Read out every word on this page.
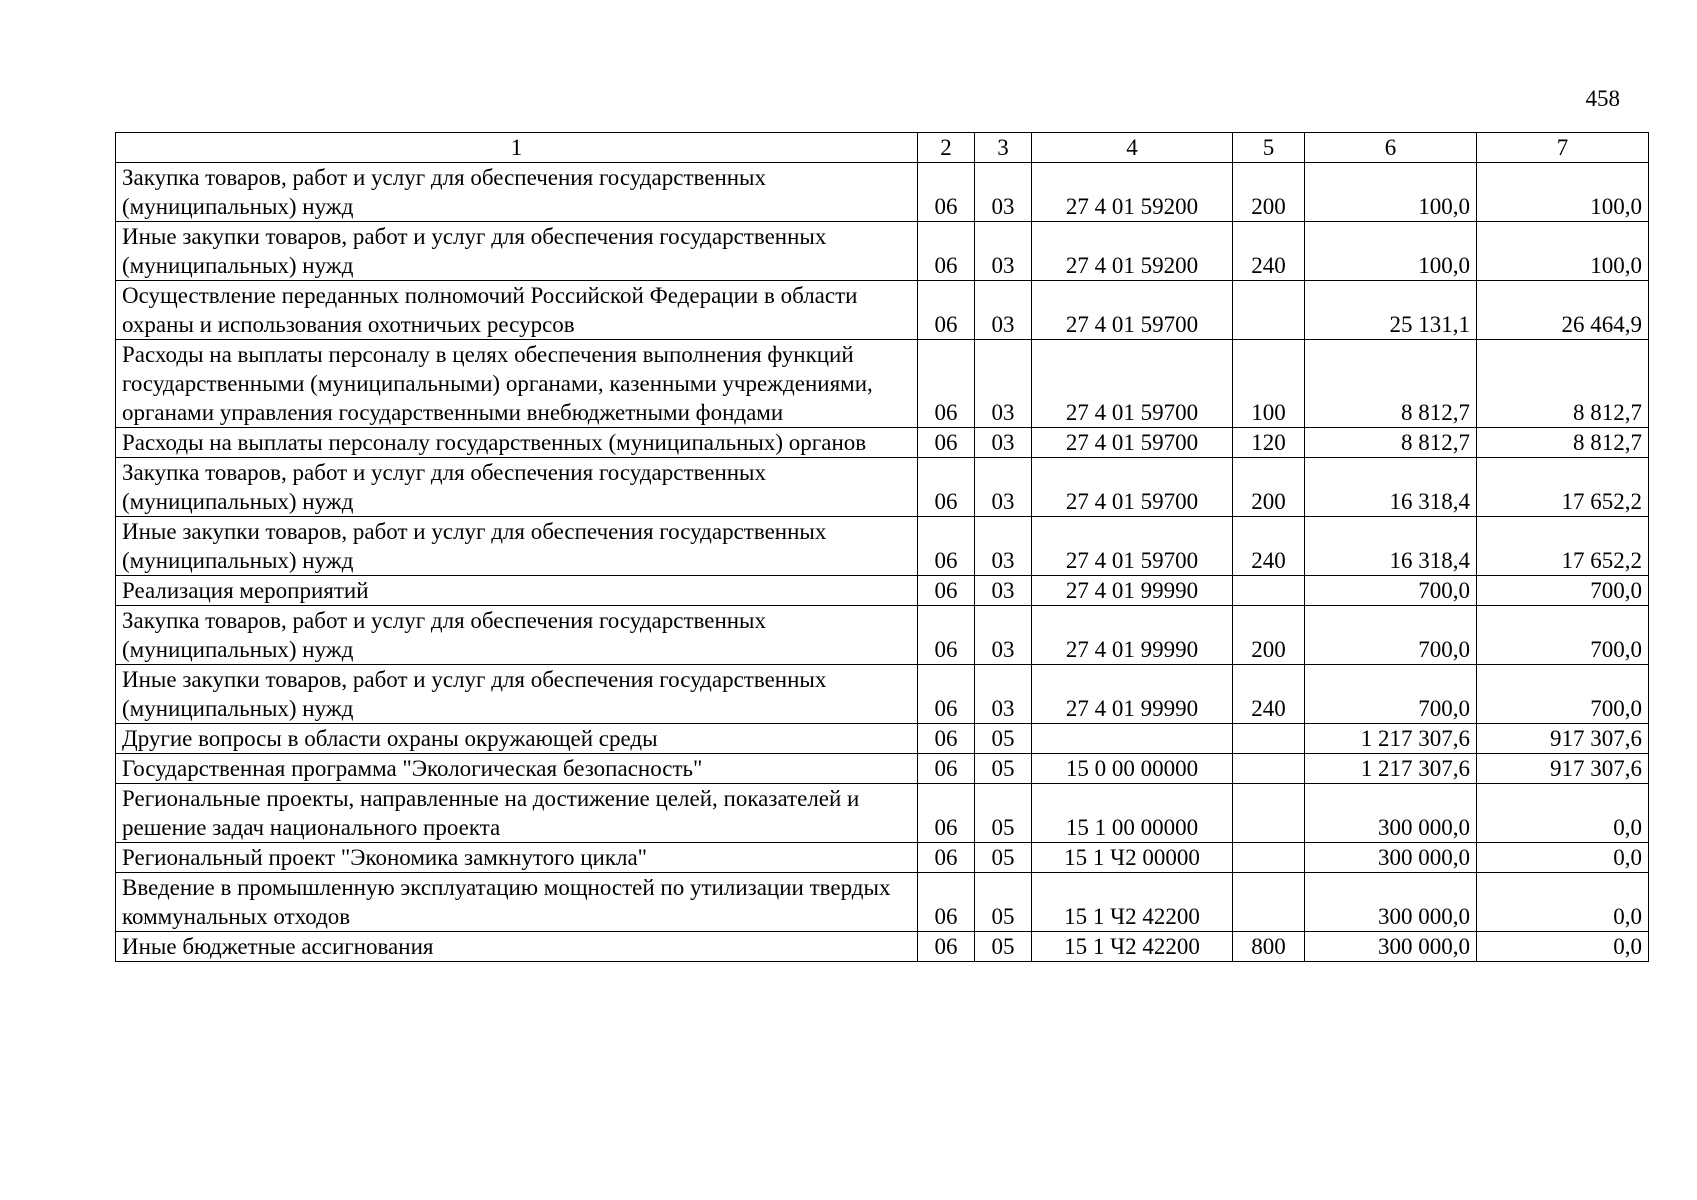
458
1	2	3	4	5	6	7
Закупка товаров, работ и услуг для обеспечения государственных (муниципальных) нужд	06	03	27 4 01 59200	200	100,0	100,0
Иные закупки товаров, работ и услуг для обеспечения государственных (муниципальных) нужд	06	03	27 4 01 59200	240	100,0	100,0
Осуществление переданных полномочий Российской Федерации в области охраны и использования охотничьих ресурсов	06	03	27 4 01 59700		25 131,1	26 464,9
Расходы на выплаты персоналу в целях обеспечения выполнения функций государственными (муниципальными) органами, казенными учреждениями, органами управления государственными внебюджетными фондами	06	03	27 4 01 59700	100	8 812,7	8 812,7
Расходы на выплаты персоналу государственных (муниципальных) органов	06	03	27 4 01 59700	120	8 812,7	8 812,7
Закупка товаров, работ и услуг для обеспечения государственных (муниципальных) нужд	06	03	27 4 01 59700	200	16 318,4	17 652,2
Иные закупки товаров, работ и услуг для обеспечения государственных (муниципальных) нужд	06	03	27 4 01 59700	240	16 318,4	17 652,2
Реализация мероприятий	06	03	27 4 01 99990		700,0	700,0
Закупка товаров, работ и услуг для обеспечения государственных (муниципальных) нужд	06	03	27 4 01 99990	200	700,0	700,0
Иные закупки товаров, работ и услуг для обеспечения государственных (муниципальных) нужд	06	03	27 4 01 99990	240	700,0	700,0
Другие вопросы в области охраны окружающей среды	06	05			1 217 307,6	917 307,6
Государственная программа "Экологическая безопасность"	06	05	15 0 00 00000		1 217 307,6	917 307,6
Региональные проекты, направленные на достижение целей, показателей и решение задач национального проекта	06	05	15 1 00 00000		300 000,0	0,0
Региональный проект "Экономика замкнутого цикла"	06	05	15 1 Ч2 00000		300 000,0	0,0
Введение в промышленную эксплуатацию мощностей по утилизации твердых коммунальных отходов	06	05	15 1 Ч2 42200		300 000,0	0,0
Иные бюджетные ассигнования	06	05	15 1 Ч2 42200	800	300 000,0	0,0
